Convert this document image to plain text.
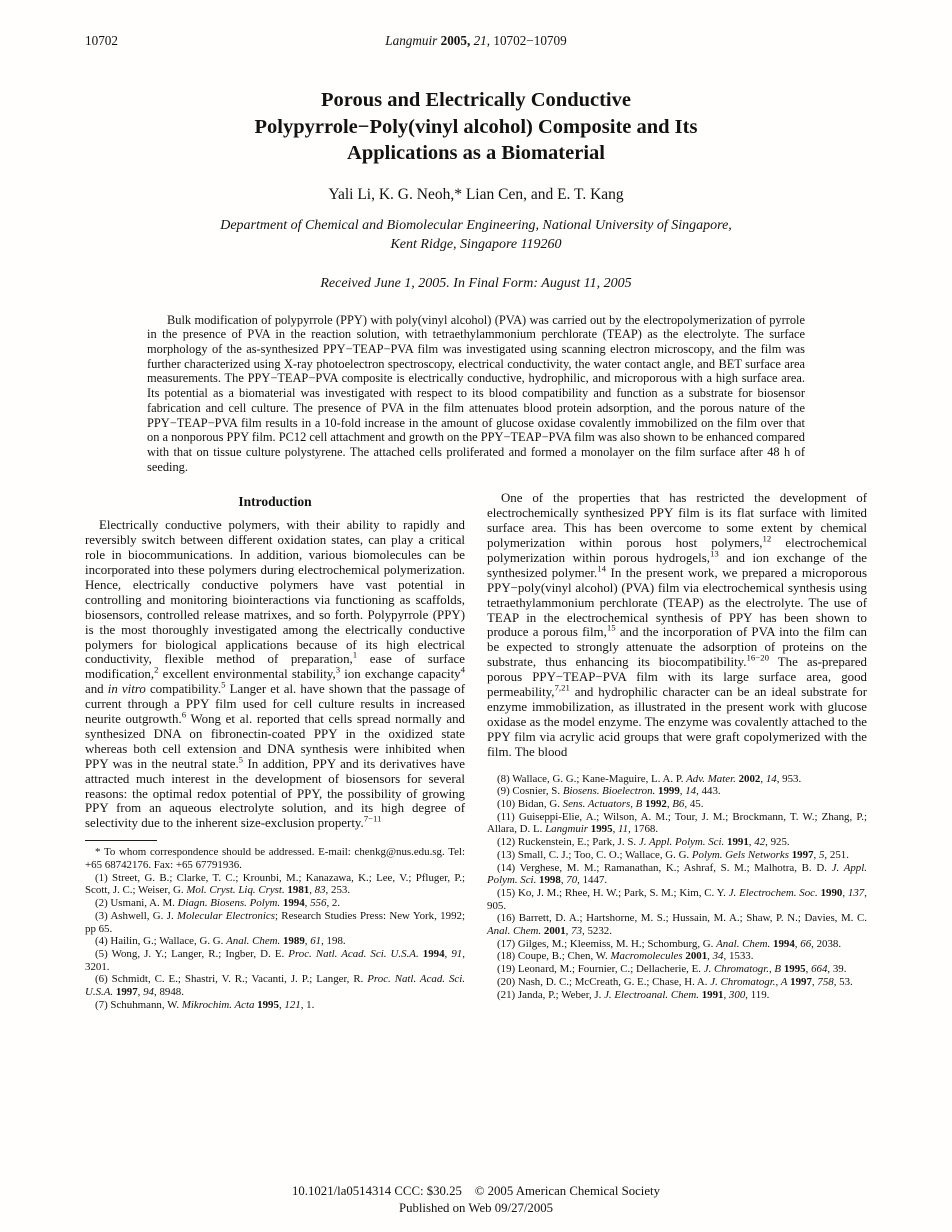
10702	Langmuir 2005, 21, 10702−10709
Porous and Electrically Conductive
Polypyrrole−Poly(vinyl alcohol) Composite and Its
Applications as a Biomaterial
Yali Li, K. G. Neoh,* Lian Cen, and E. T. Kang
Department of Chemical and Biomolecular Engineering, National University of Singapore,
Kent Ridge, Singapore 119260
Received June 1, 2005. In Final Form: August 11, 2005

Bulk modification of polypyrrole (PPY) with poly(vinyl alcohol) (PVA) was carried out by the electropolymerization of pyrrole in the presence of PVA in the reaction solution, with tetraethylammonium perchlorate (TEAP) as the electrolyte. The surface morphology of the as-synthesized PPY−TEAP−PVA film was investigated using scanning electron microscopy, and the film was further characterized using X-ray photoelectron spectroscopy, electrical conductivity, the water contact angle, and BET surface area measurements. The PPY−TEAP−PVA composite is electrically conductive, hydrophilic, and microporous with a high surface area. Its potential as a biomaterial was investigated with respect to its blood compatibility and function as a substrate for biosensor fabrication and cell culture. The presence of PVA in the film attenuates blood protein adsorption, and the porous nature of the PPY−TEAP−PVA film results in a 10-fold increase in the amount of glucose oxidase covalently immobilized on the film over that on a nonporous PPY film. PC12 cell attachment and growth on the PPY−TEAP−PVA film was also shown to be enhanced compared with that on tissue culture polystyrene. The attached cells proliferated and formed a monolayer on the film surface after 48 h of seeding.

Introduction

Electrically conductive polymers, with their ability to rapidly and reversibly switch between different oxidation states, can play a critical role in biocommunications. In addition, various biomolecules can be incorporated into these polymers during electrochemical polymerization. Hence, electrically conductive polymers have vast potential in controlling and monitoring biointeractions via functioning as scaffolds, biosensors, controlled release matrixes, and so forth. Polypyrrole (PPY) is the most thoroughly investigated among the electrically conductive polymers for biological applications because of its high electrical conductivity, flexible method of preparation,$^1$ ease of surface modification,$^2$ excellent environmental stability,$^3$ ion exchange capacity$^4$ and in vitro compatibility.$^5$ Langer et al. have shown that the passage of current through a PPY film used for cell culture results in increased neurite outgrowth.$^6$ Wong et al. reported that cells spread normally and synthesized DNA on fibronectin-coated PPY in the oxidized state whereas both cell extension and DNA synthesis were inhibited when PPY was in the neutral state.$^5$ In addition, PPY and its derivatives have attracted much interest in the development of biosensors for several reasons: the optimal redox potential of PPY, the possibility of growing PPY from an aqueous electrolyte solution, and its high degree of selectivity due to the inherent size-exclusion property.$^{7-11}$

* To whom correspondence should be addressed. E-mail: chenkg@nus.edu.sg. Tel: +65 68742176. Fax: +65 67791936.

(1) Street, G. B.; Clarke, T. C.; Krounbi, M.; Kanazawa, K.; Lee, V.; Pfluger, P.; Scott, J. C.; Weiser, G. Mol. Cryst. Liq. Cryst. 1981, 83, 253.

(2) Usmani, A. M. Diagn. Biosens. Polym. 1994, 556, 2.

(3) Ashwell, G. J. Molecular Electronics; Research Studies Press: New York, 1992; pp 65.

(4) Hailin, G.; Wallace, G. G. Anal. Chem. 1989, 61, 198.

(5) Wong, J. Y.; Langer, R.; Ingber, D. E. Proc. Natl. Acad. Sci. U.S.A. 1994, 91, 3201.

(6) Schmidt, C. E.; Shastri, V. R.; Vacanti, J. P.; Langer, R. Proc. Natl. Acad. Sci. U.S.A. 1997, 94, 8948.

(7) Schuhmann, W. Mikrochim. Acta 1995, 121, 1.

One of the properties that has restricted the development of electrochemically synthesized PPY film is its flat surface with limited surface area. This has been overcome to some extent by chemical polymerization within porous host polymers,$^{12}$ electrochemical polymerization within porous hydrogels,$^{13}$ and ion exchange of the synthesized polymer.$^{14}$ In the present work, we prepared a microporous PPY−poly(vinyl alcohol) (PVA) film via electrochemical synthesis using tetraethylammonium perchlorate (TEAP) as the electrolyte. The use of TEAP in the electrochemical synthesis of PPY has been shown to produce a porous film,$^{15}$ and the incorporation of PVA into the film can be expected to strongly attenuate the adsorption of proteins on the substrate, thus enhancing its biocompatibility.$^{16-20}$ The as-prepared porous PPY−TEAP−PVA film with its large surface area, good permeability,$^{7,21}$ and hydrophilic character can be an ideal substrate for enzyme immobilization, as illustrated in the present work with glucose oxidase as the model enzyme. The enzyme was covalently attached to the PPY film via acrylic acid groups that were graft copolymerized with the film. The blood

(8) Wallace, G. G.; Kane-Maguire, L. A. P. Adv. Mater. 2002, 14, 953.

(9) Cosnier, S. Biosens. Bioelectron. 1999, 14, 443.

(10) Bidan, G. Sens. Actuators, B 1992, B6, 45.

(11) Guiseppi-Elie, A.; Wilson, A. M.; Tour, J. M.; Brockmann, T. W.; Zhang, P.; Allara, D. L. Langmuir 1995, 11, 1768.

(12) Ruckenstein, E.; Park, J. S. J. Appl. Polym. Sci. 1991, 42, 925.

(13) Small, C. J.; Too, C. O.; Wallace, G. G. Polym. Gels Networks 1997, 5, 251.

(14) Verghese, M. M.; Ramanathan, K.; Ashraf, S. M.; Malhotra, B. D. J. Appl. Polym. Sci. 1998, 70, 1447.

(15) Ko, J. M.; Rhee, H. W.; Park, S. M.; Kim, C. Y. J. Electrochem. Soc. 1990, 137, 905.

(16) Barrett, D. A.; Hartshorne, M. S.; Hussain, M. A.; Shaw, P. N.; Davies, M. C. Anal. Chem. 2001, 73, 5232.

(17) Gilges, M.; Kleemiss, M. H.; Schomburg, G. Anal. Chem. 1994, 66, 2038.

(18) Coupe, B.; Chen, W. Macromolecules 2001, 34, 1533.

(19) Leonard, M.; Fournier, C.; Dellacherie, E. J. Chromatogr., B 1995, 664, 39.

(20) Nash, D. C.; McCreath, G. E.; Chase, H. A. J. Chromatogr., A 1997, 758, 53.

(21) Janda, P.; Weber, J. J. Electroanal. Chem. 1991, 300, 119.

10.1021/la0514314 CCC: $30.25 © 2005 American Chemical Society
Published on Web 09/27/2005
